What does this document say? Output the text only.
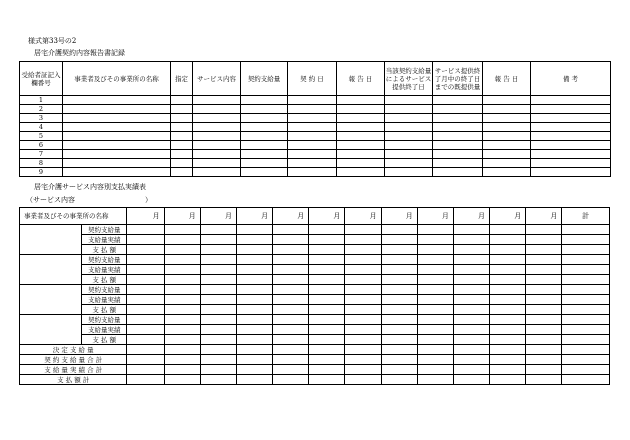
様式第33号の2
居宅介護契約内容報告書記録
受給者証記入欄番号	事業者及びその事業所の名称	指定	サービス内容	契約支給量	契 約 日	報 告 日	当該契約支給量によるサービス提供終了日	サービス提供終了月中の終了日までの既提供量	報 告 日	備 考
1										
2										
3										
4										
5										
6										
7										
8										
9										
居宅介護サービス内容別支払実績表
（サービス内容　　　　　　　　　　）
事業者及びその事業所の名称		月	月	月	月	月	月	月	月	月	月	月	月	計
	契約支給量													
	支給量実績													
	支 払 額													
	契約支給量													
	支給量実績													
	支 払 額													
	契約支給量													
	支給量実績													
	支 払 額													
	契約支給量													
	支給量実績													
	支 払 額													
決 定 支 給 量														
契 約 支 給 量 合 計														
支 給 量 実 績 合 計														
支 払 額 計														
